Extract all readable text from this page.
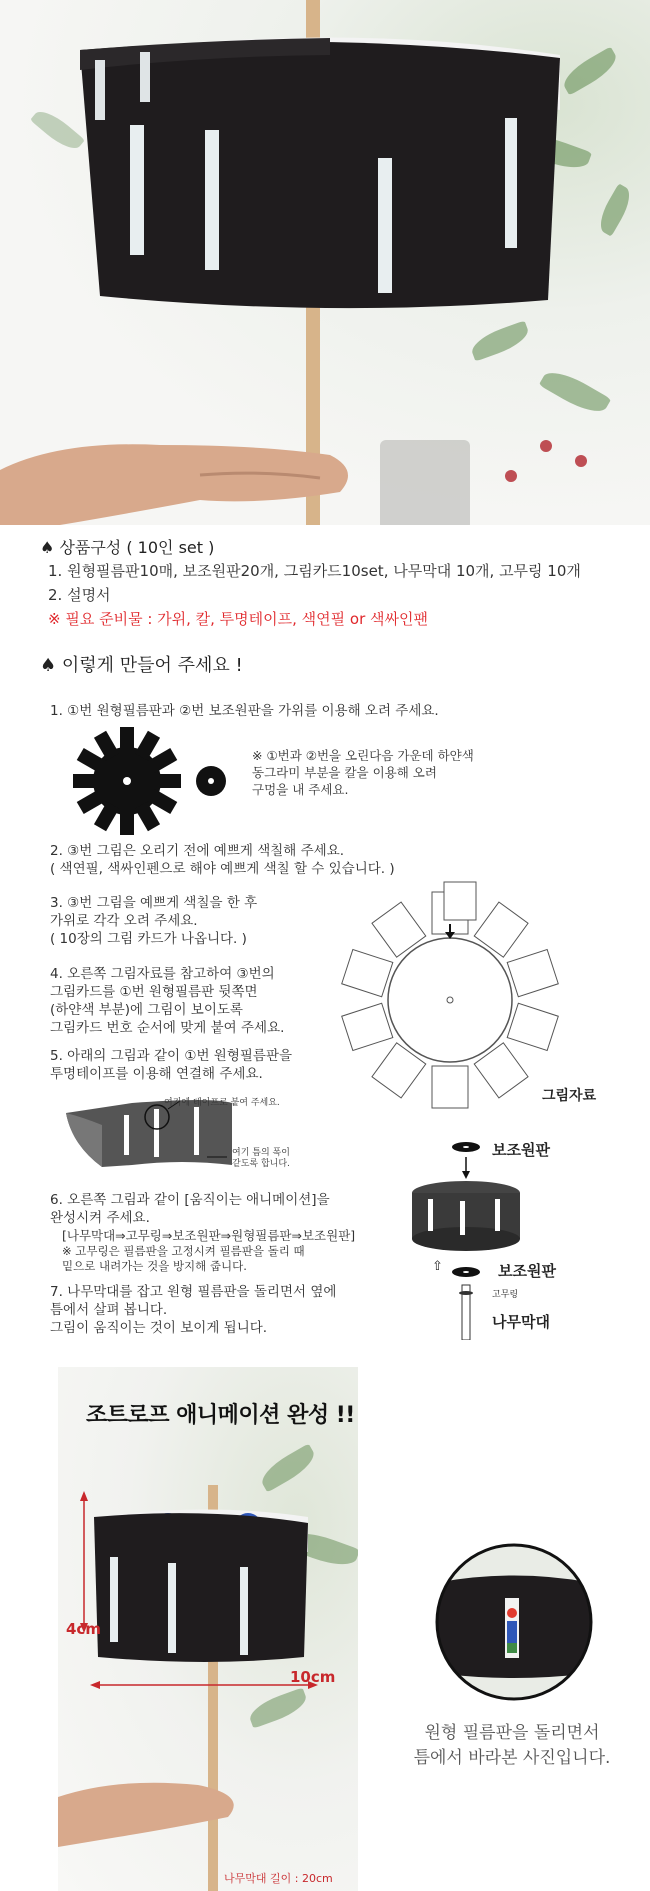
♠ 상품구성 ( 10인 set )
1. 원형필름판10매, 보조원판20개, 그림카드10set, 나무막대 10개, 고무링 10개
2. 설명서
※ 필요 준비물 : 가위, 칼, 투명테이프, 색연필 or 색싸인팬
♠ 이렇게 만들어 주세요 !
1. ①번 원형필름판과 ②번 보조원판을 가위를 이용해 오려 주세요.
※ ①번과 ②번을 오린다음 가운데 하얀색
동그라미 부분을 칼을 이용해 오려
구멍을 내 주세요.
2. ③번 그림은 오리기 전에 예쁘게 색칠해 주세요.
( 색연필, 색싸인펜으로 해야 예쁘게 색칠 할 수 있습니다. )
3. ③번 그림을 예쁘게 색칠을 한 후
가위로 각각 오려 주세요.
( 10장의 그림 카드가 나옵니다. )
4. 오른쪽 그림자료를 참고하여 ③번의
그림카드를 ①번 원형필름판 뒷쪽면
(하얀색 부분)에 그림이 보이도록
그림카드 번호 순서에 맞게 붙여 주세요.
5. 아래의 그림과 같이 ①번 원형필름판을
투명테이프를 이용해 연결해 주세요.
그림자료
여기에 테이프로 붙여 주세요.
여기 틈의 폭이
같도록 합니다.
6. 오른쪽 그림과 같이 [움직이는 애니메이션]을
완성시켜 주세요.
[나무막대⇒고무링⇒보조원판⇒원형필름판⇒보조원판]
※ 고무링은 필름판을 고정시켜 필름판을 돌리 때
밑으로 내려가는 것을 방지해 줍니다.
7. 나무막대를 잡고 원형 필름판을 돌리면서 옆에
틈에서 살펴 봅니다.
그림이 움직이는 것이 보이게 됩니다.
보조원판
보조원판
고무링
나무막대
⇧
조트로프 애니메이션 완성 !!
4cm
10cm
나무막대 길이 : 20cm
원형 필름판을 돌리면서
틈에서 바라본 사진입니다.
